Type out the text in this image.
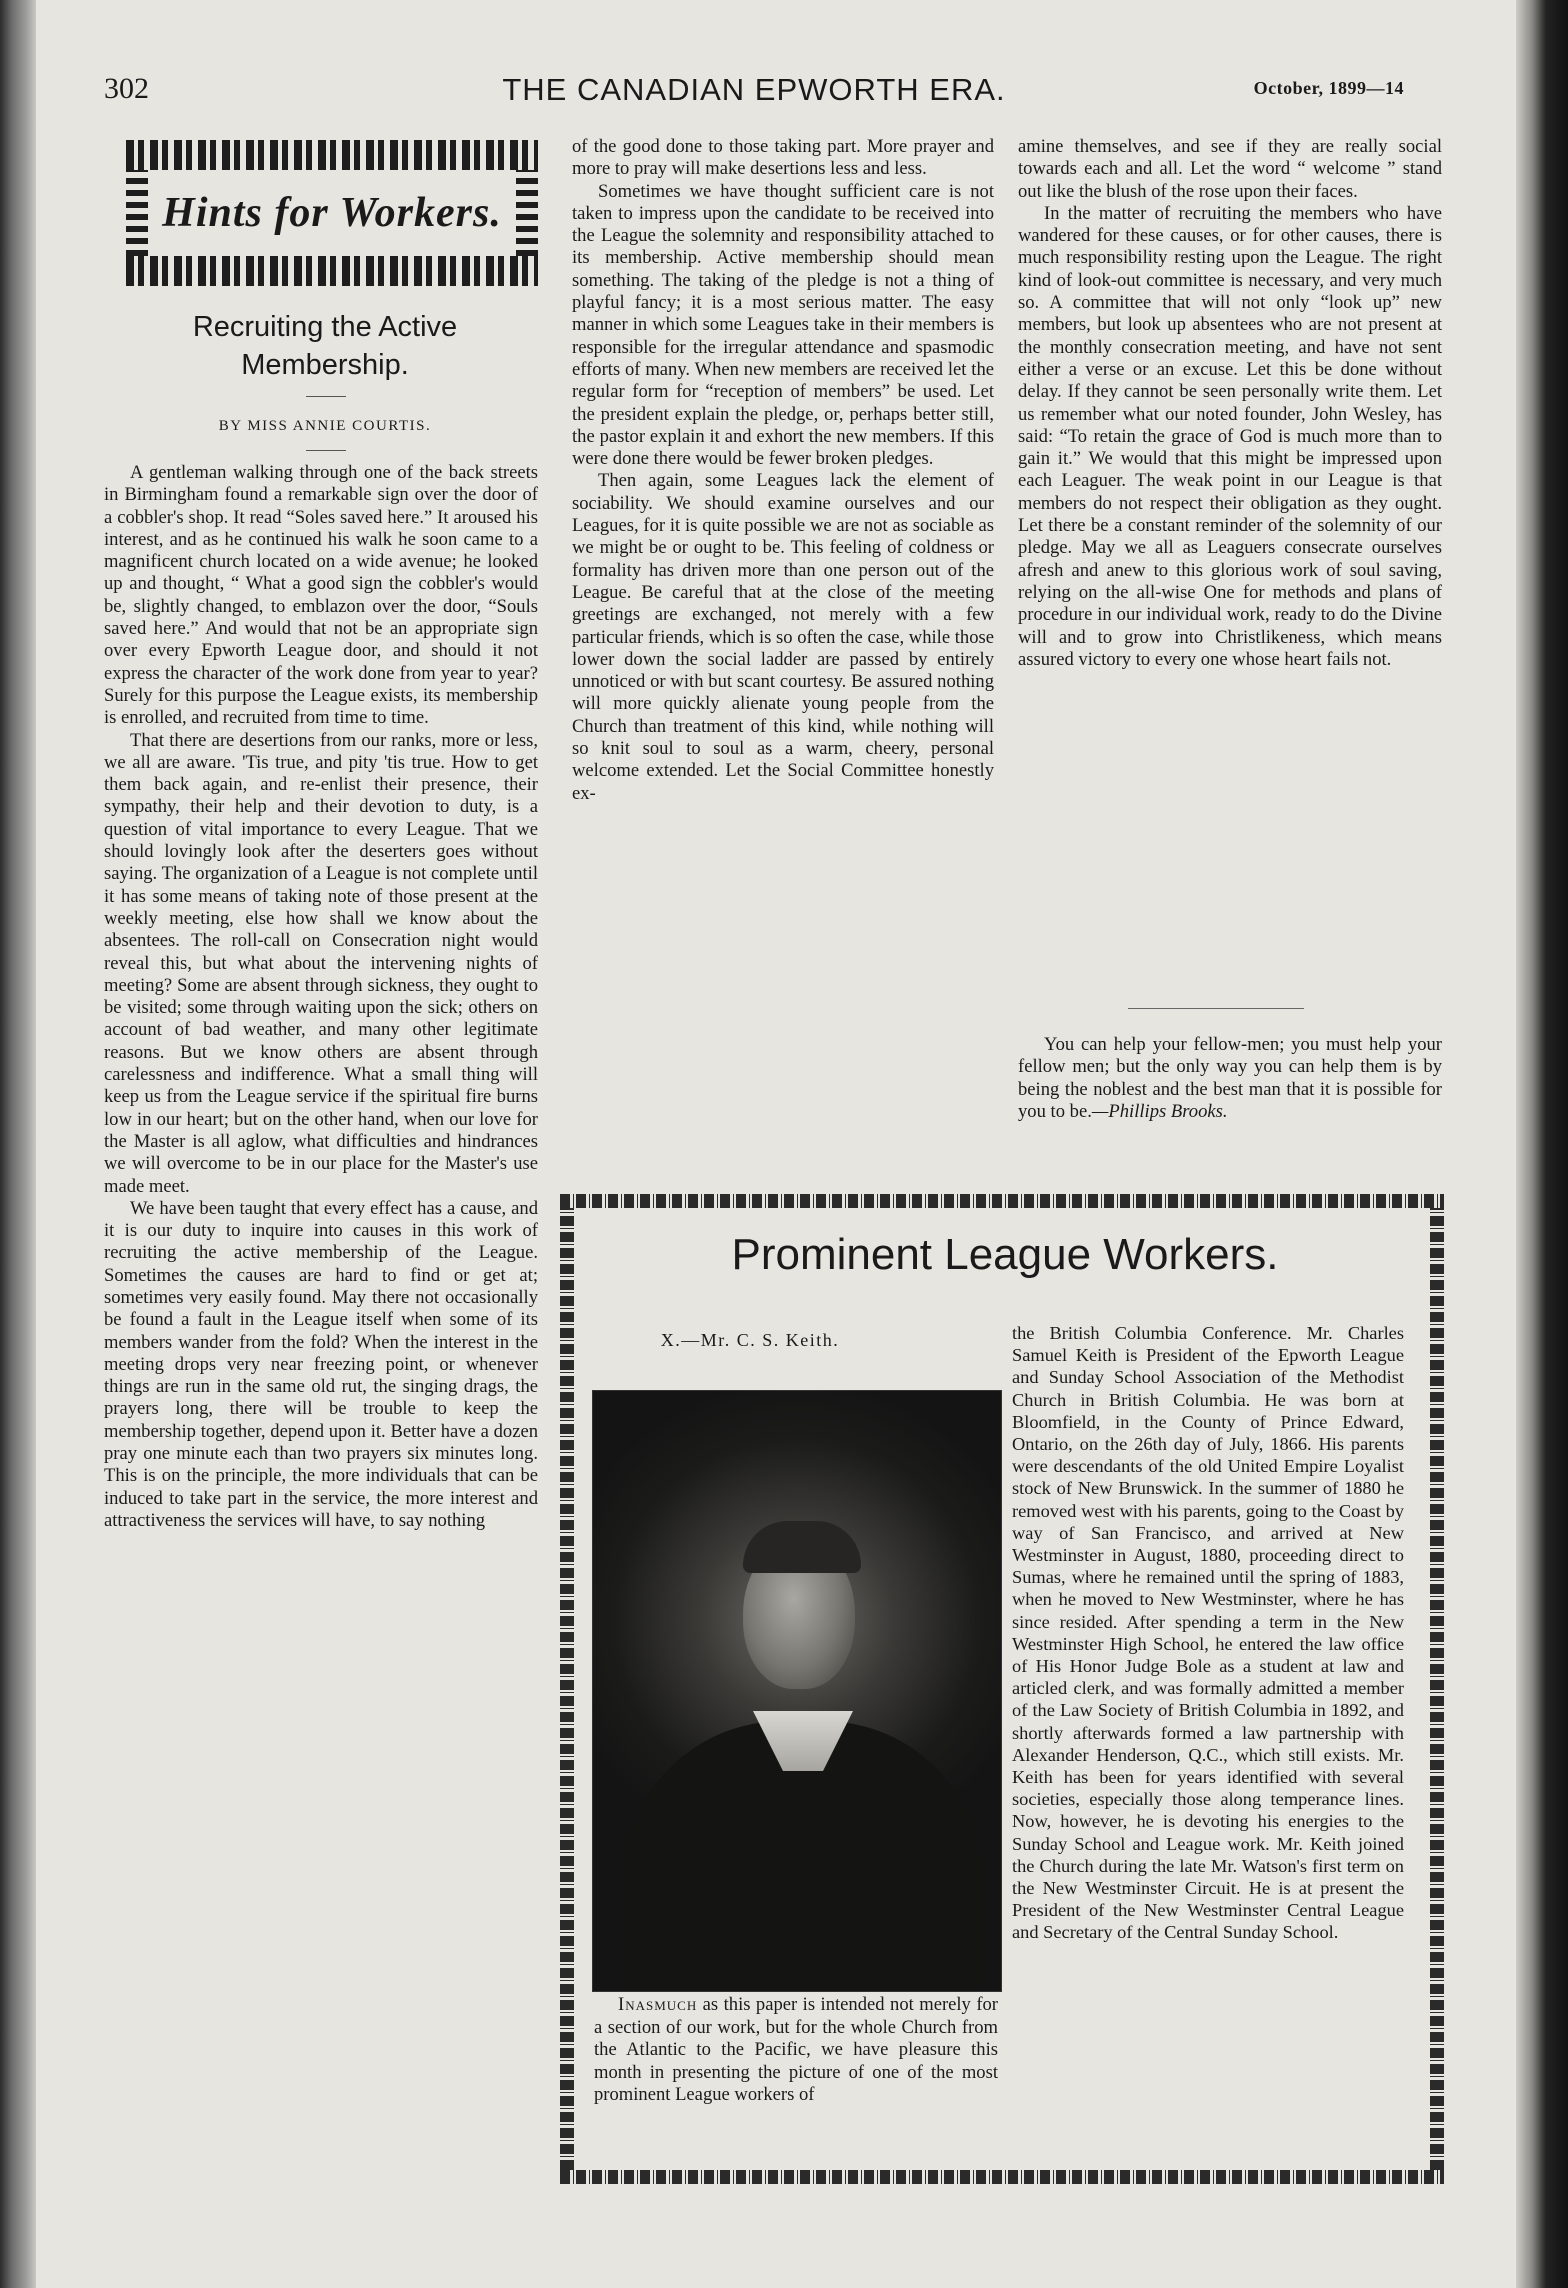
302	THE CANADIAN EPWORTH ERA.	October, 1899—14
Hints for Workers.
Recruiting the Active Membership.
BY MISS ANNIE COURTIS.

A gentleman walking through one of the back streets in Birmingham found a remarkable sign over the door of a cobbler's shop. It read “Soles saved here.” It aroused his interest, and as he continued his walk he soon came to a magnificent church located on a wide avenue; he looked up and thought, “ What a good sign the cobbler's would be, slightly changed, to emblazon over the door, “Souls saved here.” And would that not be an appropriate sign over every Epworth League door, and should it not express the character of the work done from year to year? Surely for this purpose the League exists, its membership is enrolled, and recruited from time to time.

That there are desertions from our ranks, more or less, we all are aware. 'Tis true, and pity 'tis true. How to get them back again, and re-enlist their presence, their sympathy, their help and their devotion to duty, is a question of vital importance to every League. That we should lovingly look after the deserters goes without saying. The organization of a League is not complete until it has some means of taking note of those present at the weekly meeting, else how shall we know about the absentees. The roll-call on Consecration night would reveal this, but what about the intervening nights of meeting? Some are absent through sickness, they ought to be visited; some through waiting upon the sick; others on account of bad weather, and many other legitimate reasons. But we know others are absent through carelessness and indifference. What a small thing will keep us from the League service if the spiritual fire burns low in our heart; but on the other hand, when our love for the Master is all aglow, what difficulties and hindrances we will overcome to be in our place for the Master's use made meet.

We have been taught that every effect has a cause, and it is our duty to inquire into causes in this work of recruiting the active membership of the League. Sometimes the causes are hard to find or get at; sometimes very easily found. May there not occasionally be found a fault in the League itself when some of its members wander from the fold? When the interest in the meeting drops very near freezing point, or whenever things are run in the same old rut, the singing drags, the prayers long, there will be trouble to keep the membership together, depend upon it. Better have a dozen pray one minute each than two prayers six minutes long. This is on the principle, the more individuals that can be induced to take part in the service, the more interest and attractiveness the services will have, to say nothing

of the good done to those taking part. More prayer and more to pray will make desertions less and less.

Sometimes we have thought sufficient care is not taken to impress upon the candidate to be received into the League the solemnity and responsibility attached to its membership. Active membership should mean something. The taking of the pledge is not a thing of playful fancy; it is a most serious matter. The easy manner in which some Leagues take in their members is responsible for the irregular attendance and spasmodic efforts of many. When new members are received let the regular form for “reception of members” be used. Let the president explain the pledge, or, perhaps better still, the pastor explain it and exhort the new members. If this were done there would be fewer broken pledges.

Then again, some Leagues lack the element of sociability. We should examine ourselves and our Leagues, for it is quite possible we are not as sociable as we might be or ought to be. This feeling of coldness or formality has driven more than one person out of the League. Be careful that at the close of the meeting greetings are exchanged, not merely with a few particular friends, which is so often the case, while those lower down the social ladder are passed by entirely unnoticed or with but scant courtesy. Be assured nothing will more quickly alienate young people from the Church than treatment of this kind, while nothing will so knit soul to soul as a warm, cheery, personal welcome extended. Let the Social Committee honestly ex-

amine themselves, and see if they are really social towards each and all. Let the word “ welcome ” stand out like the blush of the rose upon their faces.

In the matter of recruiting the members who have wandered for these causes, or for other causes, there is much responsibility resting upon the League. The right kind of look-out committee is necessary, and very much so. A committee that will not only “look up” new members, but look up absentees who are not present at the monthly consecration meeting, and have not sent either a verse or an excuse. Let this be done without delay. If they cannot be seen personally write them. Let us remember what our noted founder, John Wesley, has said: “To retain the grace of God is much more than to gain it.” We would that this might be impressed upon each Leaguer. The weak point in our League is that members do not respect their obligation as they ought. Let there be a constant reminder of the solemnity of our pledge. May we all as Leaguers consecrate ourselves afresh and anew to this glorious work of soul saving, relying on the all-wise One for methods and plans of procedure in our individual work, ready to do the Divine will and to grow into Christlikeness, which means assured victory to every one whose heart fails not.

You can help your fellow-men; you must help your fellow men; but the only way you can help them is by being the noblest and the best man that it is possible for you to be.—Phillips Brooks.

Prominent League Workers.
X.—Mr. C. S. Keith.

Inasmuch as this paper is intended not merely for a section of our work, but for the whole Church from the Atlantic to the Pacific, we have pleasure this month in presenting the picture of one of the most prominent League workers of

the British Columbia Conference. Mr. Charles Samuel Keith is President of the Epworth League and Sunday School Association of the Methodist Church in British Columbia. He was born at Bloomfield, in the County of Prince Edward, Ontario, on the 26th day of July, 1866. His parents were descendants of the old United Empire Loyalist stock of New Brunswick. In the summer of 1880 he removed west with his parents, going to the Coast by way of San Francisco, and arrived at New Westminster in August, 1880, proceeding direct to Sumas, where he remained until the spring of 1883, when he moved to New Westminster, where he has since resided. After spending a term in the New Westminster High School, he entered the law office of His Honor Judge Bole as a student at law and articled clerk, and was formally admitted a member of the Law Society of British Columbia in 1892, and shortly afterwards formed a law partnership with Alexander Henderson, Q.C., which still exists. Mr. Keith has been for years identified with several societies, especially those along temperance lines. Now, however, he is devoting his energies to the Sunday School and League work. Mr. Keith joined the Church during the late Mr. Watson's first term on the New Westminster Circuit. He is at present the President of the New Westminster Central League and Secretary of the Central Sunday School.
